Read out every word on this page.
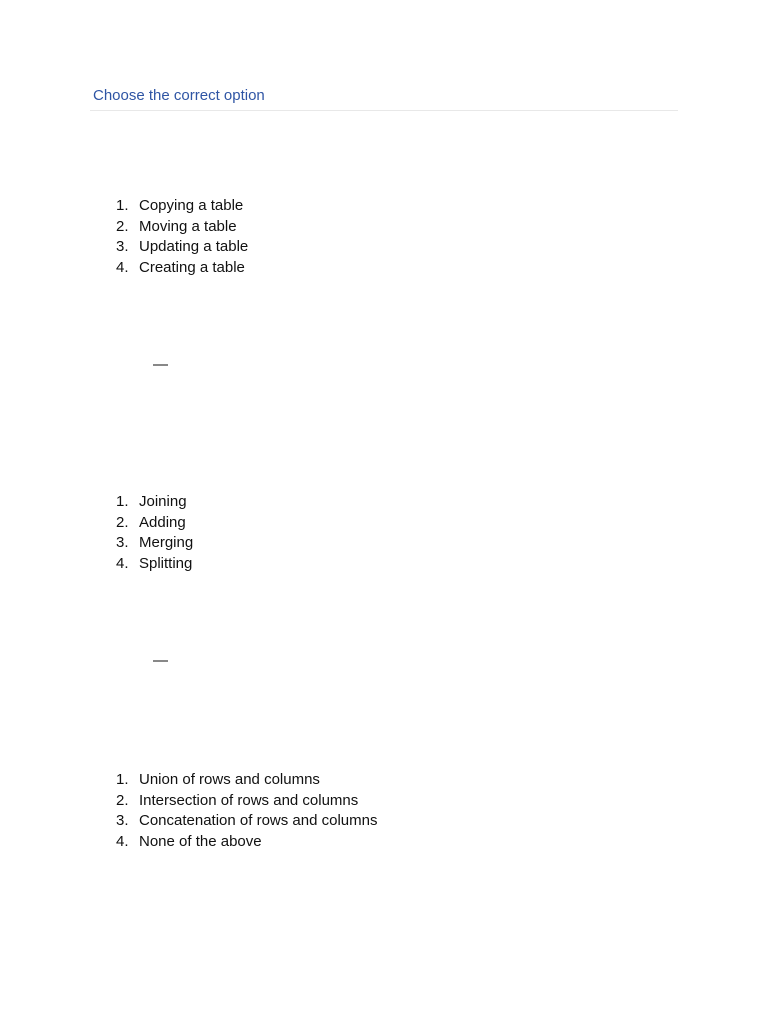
Choose the correct option
1. Copying a table
2. Moving a table
3. Updating a table
4. Creating a table
—
1. Joining
2. Adding
3. Merging
4. Splitting
—
1. Union of rows and columns
2. Intersection of rows and columns
3. Concatenation of rows and columns
4. None of the above
